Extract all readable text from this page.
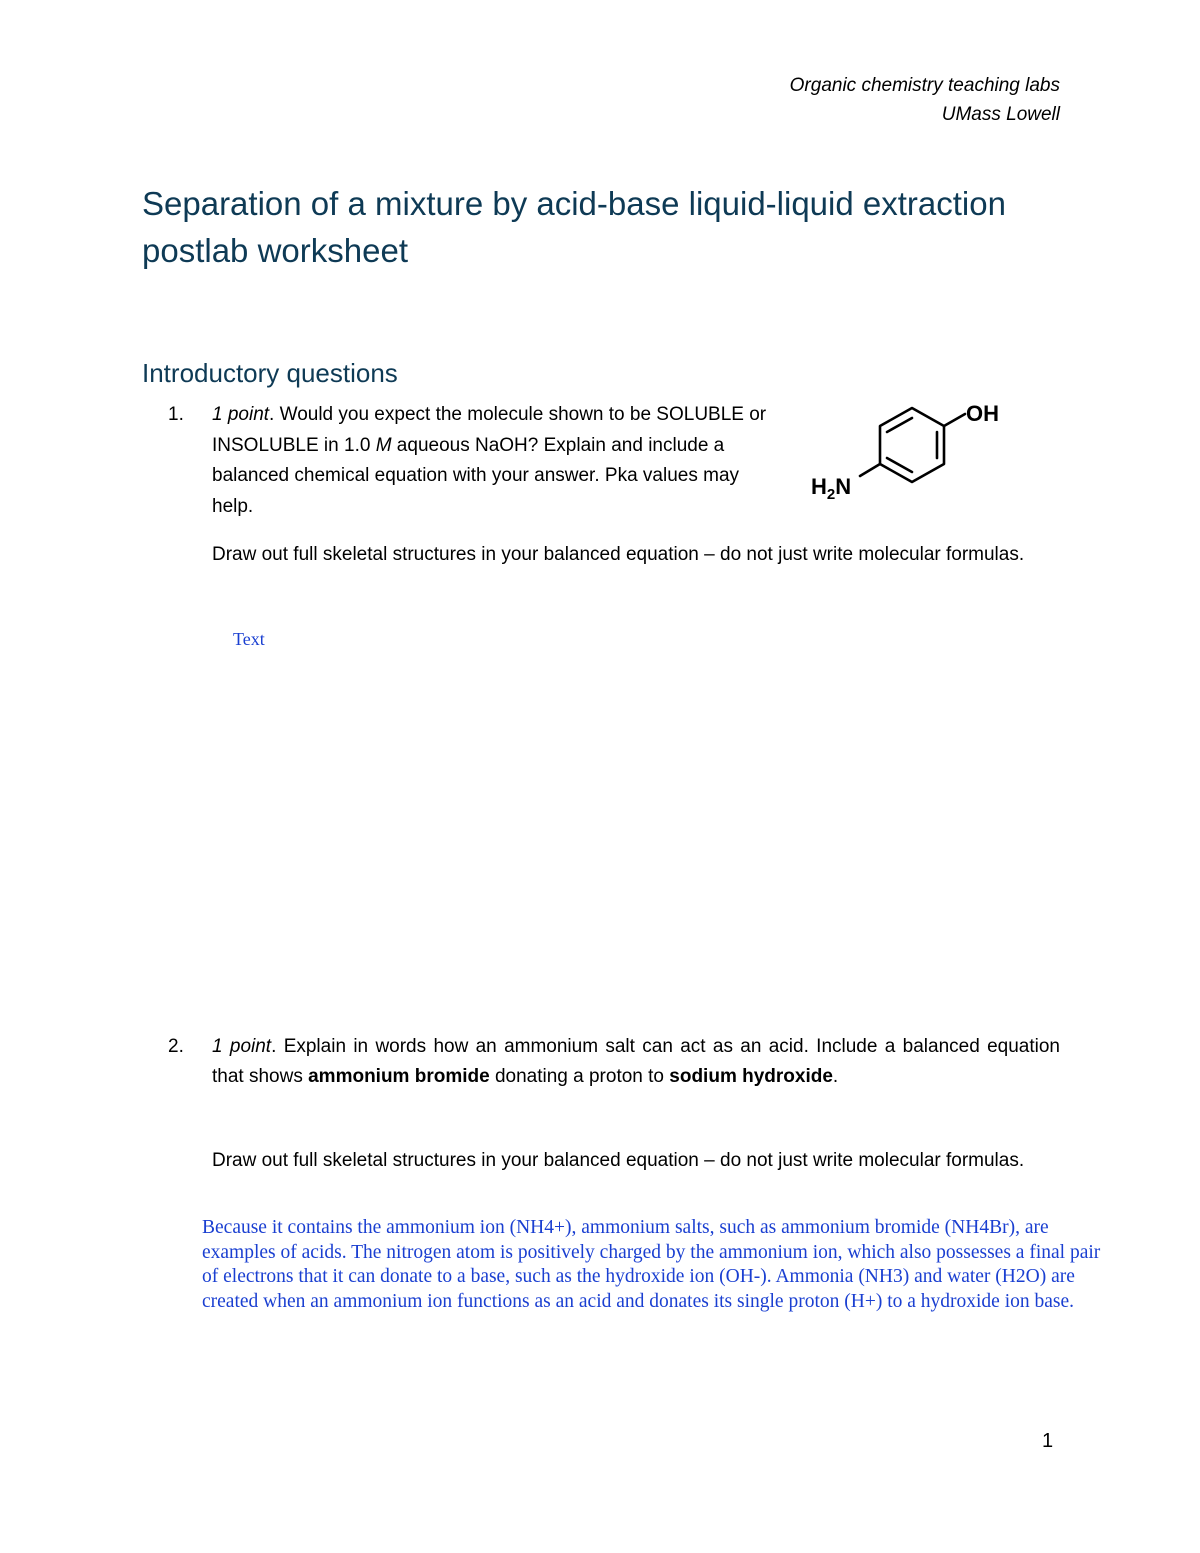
Organic chemistry teaching labs
UMass Lowell
Separation of a mixture by acid-base liquid-liquid extraction postlab worksheet
Introductory questions
1. 1 point. Would you expect the molecule shown to be SOLUBLE or INSOLUBLE in 1.0 M aqueous NaOH? Explain and include a balanced chemical equation with your answer. Pka values may help.
OH
$H_2N$
Draw out full skeletal structures in your balanced equation – do not just write molecular formulas.
Text
2. 1 point. Explain in words how an ammonium salt can act as an acid. Include a balanced equation that shows ammonium bromide donating a proton to sodium hydroxide.
Draw out full skeletal structures in your balanced equation – do not just write molecular formulas.
Because it contains the ammonium ion (NH4+), ammonium salts, such as ammonium bromide (NH4Br), are examples of acids. The nitrogen atom is positively charged by the ammonium ion, which also possesses a final pair of electrons that it can donate to a base, such as the hydroxide ion (OH-). Ammonia (NH3) and water (H2O) are created when an ammonium ion functions as an acid and donates its single proton (H+) to a hydroxide ion base.
1
